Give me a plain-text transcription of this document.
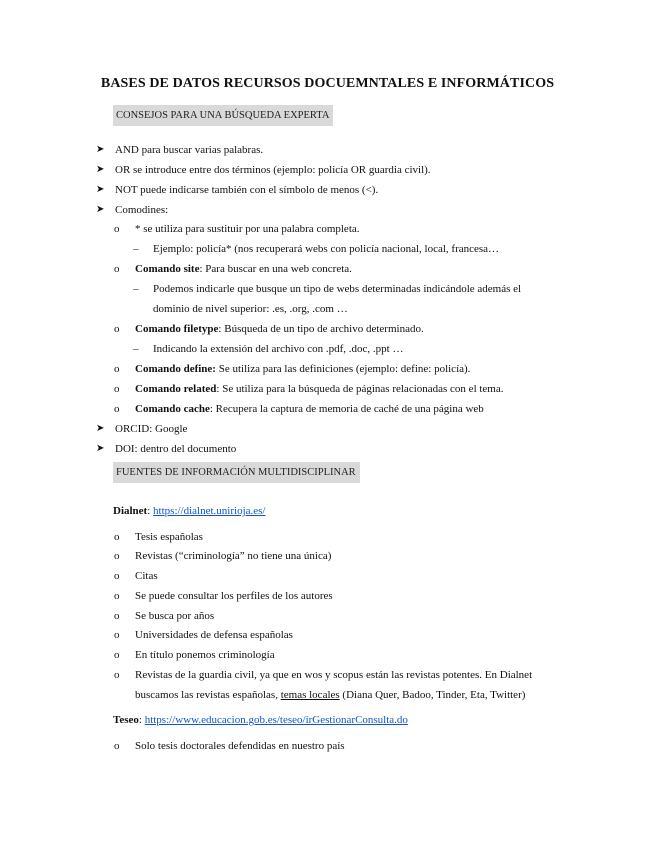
BASES DE DATOS RECURSOS DOCUEMNTALES E INFORMÁTICOS
CONSEJOS PARA UNA BÚSQUEDA EXPERTA
➤ AND para buscar varias palabras.
➤ OR se introduce entre dos términos (ejemplo: policía OR guardia civil).
➤ NOT puede indicarse también con el símbolo de menos (<).
➤ Comodines:
o * se utiliza para sustituir por una palabra completa.
– Ejemplo: policía* (nos recuperará webs con policía nacional, local, francesa…
o Comando site: Para buscar en una web concreta.
– Podemos indicarle que busque un tipo de webs determinadas indicándole además el
dominio de nivel superior: .es, .org, .com …
o Comando filetype: Búsqueda de un tipo de archivo determinado.
– Indicando la extensión del archivo con .pdf, .doc, .ppt …
o Comando define: Se utiliza para las definiciones (ejemplo: define: policía).
o Comando related: Se utiliza para la búsqueda de páginas relacionadas con el tema.
o Comando cache: Recupera la captura de memoria de caché de una página web
➤ ORCID: Google
➤ DOI: dentro del documento
FUENTES DE INFORMACIÓN MULTIDISCIPLINAR
Dialnet: https://dialnet.unirioja.es/
o Tesis españolas
o Revistas (“criminología” no tiene una única)
o Citas
o Se puede consultar los perfiles de los autores
o Se busca por años
o Universidades de defensa españolas
o En título ponemos criminología
o Revistas de la guardia civil, ya que en wos y scopus están las revistas potentes. En Dialnet
buscamos las revistas españolas, temas locales (Diana Quer, Badoo, Tinder, Eta, Twitter)
Teseo: https://www.educacion.gob.es/teseo/irGestionarConsulta.do
o Solo tesis doctorales defendidas en nuestro país
